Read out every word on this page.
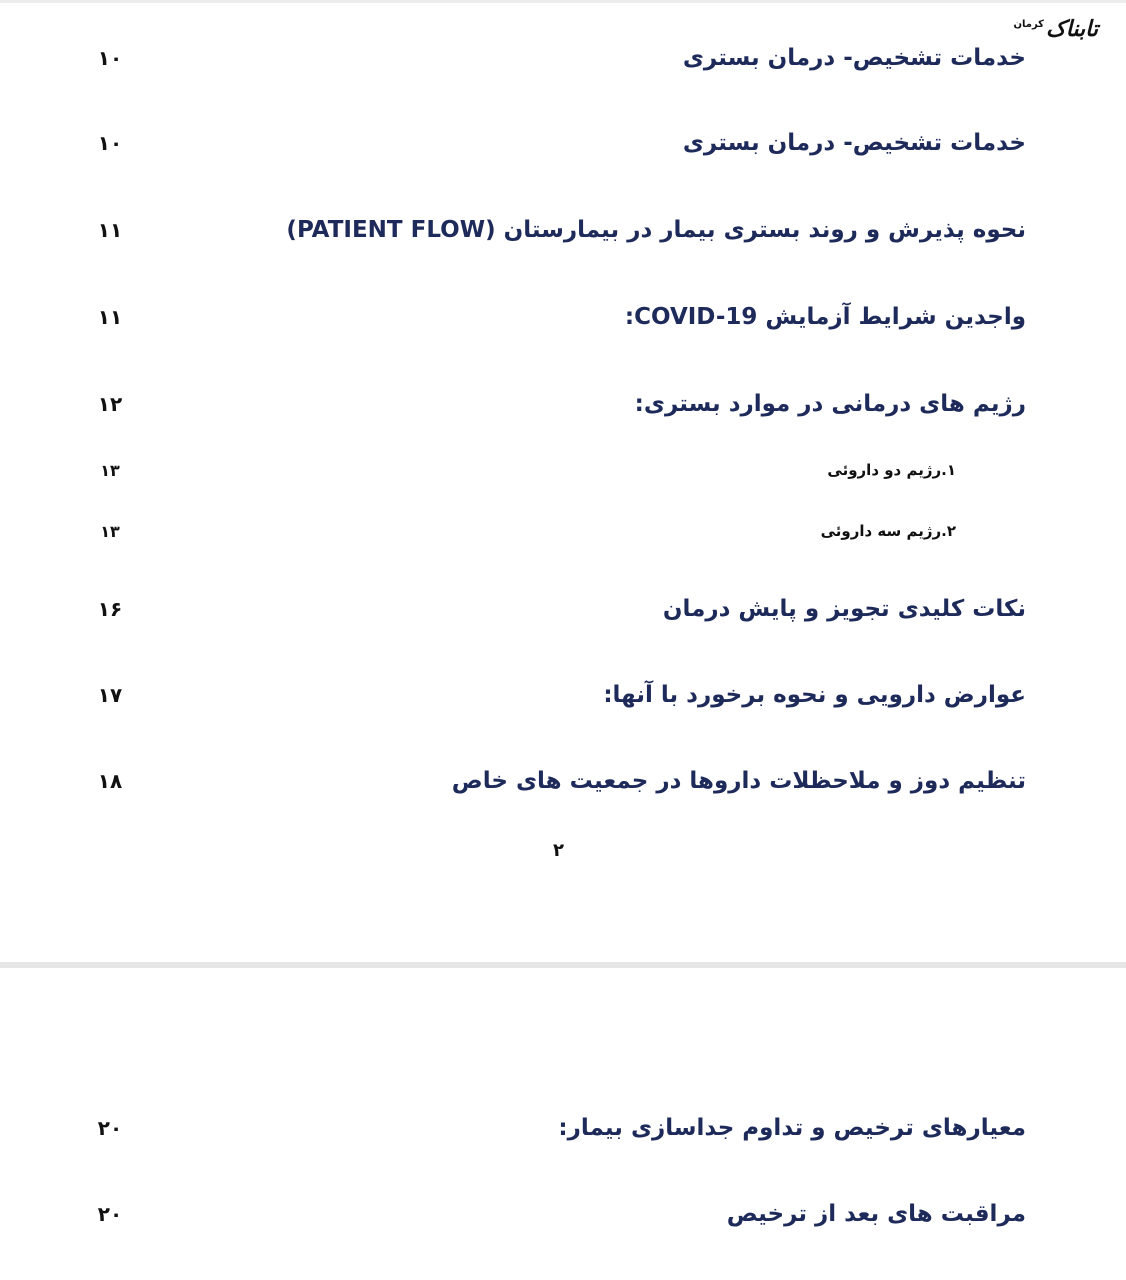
تابناک
کرمان
خدمات تشخیص- درمان بستری
۱۰
خدمات تشخیص- درمان بستری
۱۰
نحوه پذیرش و روند بستری بیمار در بیمارستان (PATIENT FLOW)
۱۱
واجدین شرایط آزمایش COVID-19:
۱۱
رژیم های درمانی در موارد بستری:
۱۲
۱.رژیم دو داروئی
۱۳
۲.رژیم سه داروئی
۱۳
نکات کلیدی تجویز و پایش درمان
۱۶
عوارض دارویی و نحوه برخورد با آنها:
۱۷
تنظیم دوز و ملاحظلات داروها در جمعیت های خاص
۱۸
۲
معیارهای ترخیص و تداوم جداسازی بیمار:
۲۰
مراقبت های بعد از ترخیص
۲۰
